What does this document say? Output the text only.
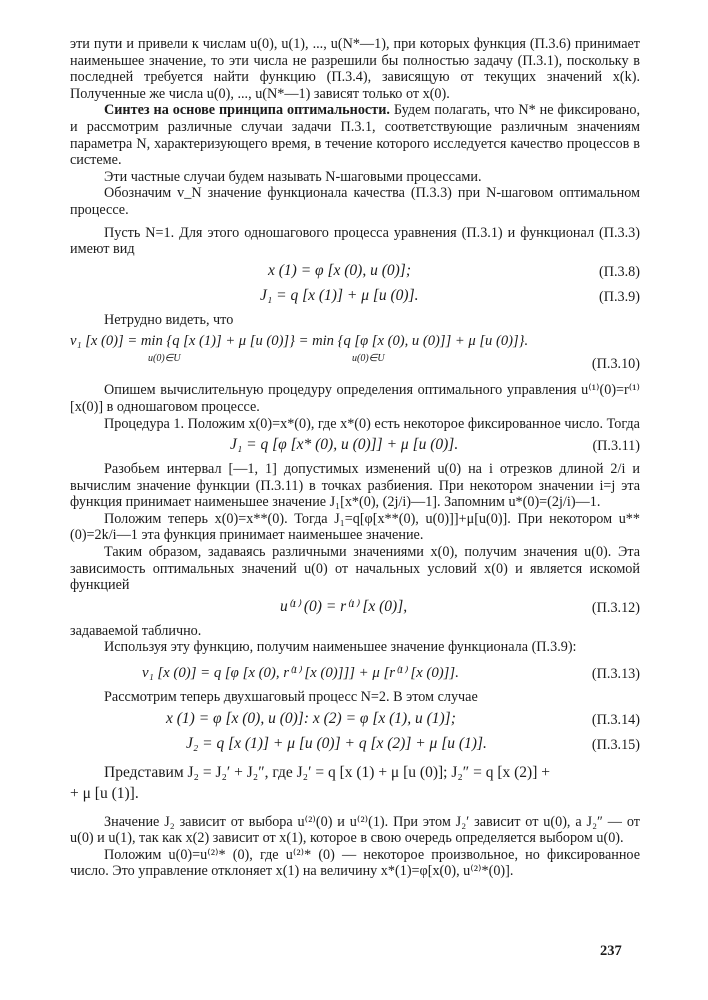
эти пути и привели к числам u(0), u(1), ..., u(N*—1), при которых функция (П.3.6) принимает наименьшее значение, то эти числа не разрешили бы полностью задачу (П.3.1), поскольку в последней требуется найти функцию (П.3.4), зависящую от текущих значений x(k). Полученные же числа u(0), ..., u(N*—1) зависят только от x(0).

Синтез на основе принципа оптимальности. Будем полагать, что N* не фиксировано, и рассмотрим различные случаи задачи П.3.1, соответствующие различным значениям параметра N, характеризующего время, в течение которого исследуется качество процессов в системе.

Эти частные случаи будем называть N-шаговыми процессами.

Обозначим v_N значение функционала качества (П.3.3) при N-шаговом оптимальном процессе.

Пусть N=1. Для этого одношагового процесса уравнения (П.3.1) и функционал (П.3.3) имеют вид

x (1) = φ [x (0), u (0)];	(П.3.8)
J₁ = q [x (1)] + μ [u (0)].	(П.3.9)

Нетрудно видеть, что

v₁ [x (0)] = min {q [x (1)] + μ [u (0)]} = min {q [φ [x (0), u (0)]] + μ [u (0)]}.
u(0)∈U	u(0)∈U	(П.3.10)

Опишем вычислительную процедуру определения оптимального управления u⁽¹⁾(0)=r⁽¹⁾[x(0)] в одношаговом процессе.

Процедура 1. Положим x(0)=x*(0), где x*(0) есть некоторое фиксированное число. Тогда

J₁ = q [φ [x* (0), u (0)]] + μ [u (0)].	(П.3.11)

Разобьем интервал [—1, 1] допустимых изменений u(0) на i отрезков длиной 2/i и вычислим значение функции (П.3.11) в точках разбиения. При некотором значении i=j эта функция принимает наименьшее значение J₁[x*(0), (2j/i)—1]. Запомним u*(0)=(2j/i)—1.

Положим теперь x(0)=x**(0). Тогда J₁=q[φ[x**(0), u(0)]]+μ[u(0)]. При некотором u**(0)=2k/i—1 эта функция принимает наименьшее значение.

Таким образом, задаваясь различными значениями x(0), получим значения u(0). Эта зависимость оптимальных значений u(0) от начальных условий x(0) и является искомой функцией

u⁽¹⁾ (0) = r⁽¹⁾ [x (0)],	(П.3.12)

задаваемой таблично.

Используя эту функцию, получим наименьшее значение функционала (П.3.9):

v₁ [x (0)] = q [φ [x (0), r⁽¹⁾ [x (0)]]] + μ [r⁽¹⁾ [x (0)]].	(П.3.13)

Рассмотрим теперь двухшаговый процесс N=2. В этом случае

x (1) = φ [x (0), u (0)]: x (2) = φ [x (1), u (1)];	(П.3.14)
J₂ = q [x (1)] + μ [u (0)] + q [x (2)] + μ [u (1)].	(П.3.15)
Представим J₂ = J₂′ + J₂″, где J₂′ = q [x (1) + μ [u (0)]; J₂″ = q [x (2)] +
+ μ [u (1)].

Значение J₂ зависит от выбора u⁽²⁾(0) и u⁽²⁾(1). При этом J₂′ зависит от u(0), а J₂″ — от u(0) и u(1), так как x(2) зависит от x(1), которое в свою очередь определяется выбором u(0).

Положим u(0)=u⁽²⁾* (0), где u⁽²⁾* (0) — некоторое произвольное, но фиксированное число. Это управление отклоняет x(1) на величину x*(1)=φ[x(0), u⁽²⁾*(0)].

237
